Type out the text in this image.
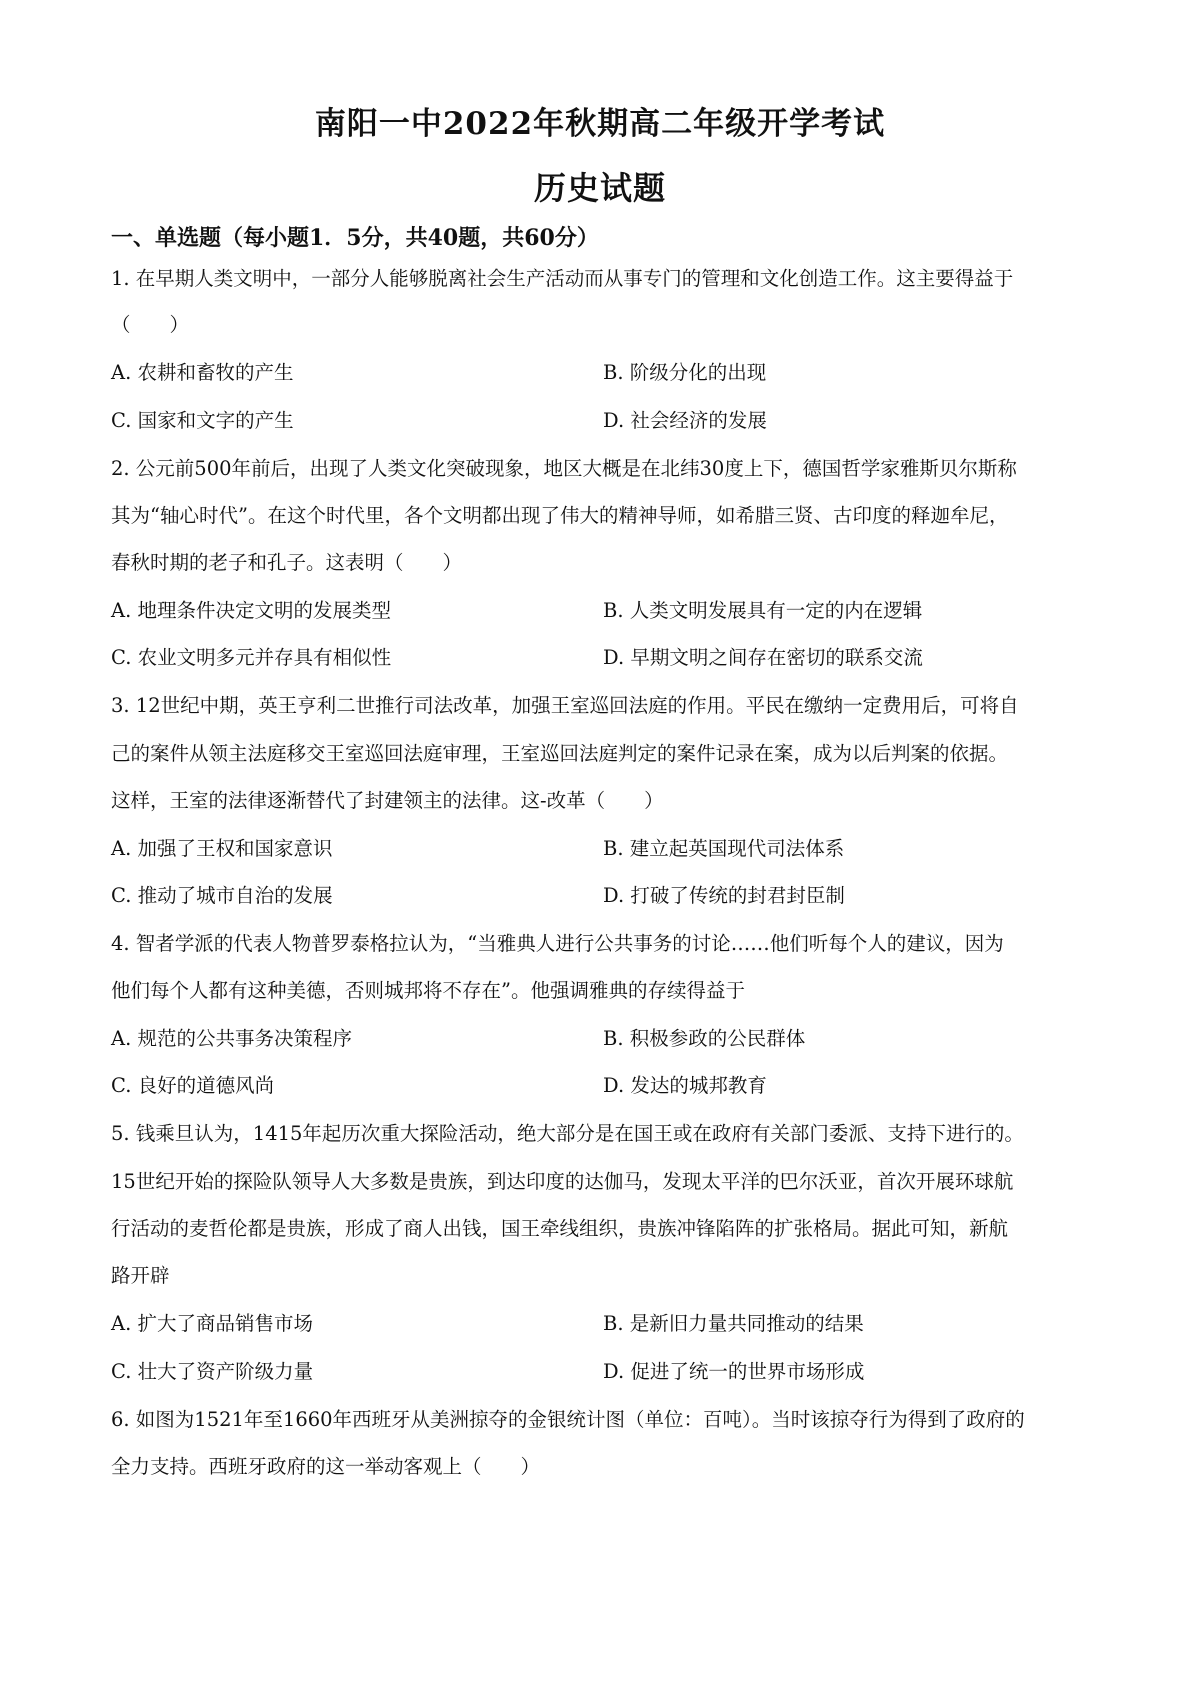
南阳一中2022年秋期高二年级开学考试
历史试题
一、单选题（每小题1．5分，共40题，共60分）
1. 在早期人类文明中，一部分人能够脱离社会生产活动而从事专门的管理和文化创造工作。这主要得益于
（　　）
A. 农耕和畜牧的产生	B. 阶级分化的出现
C. 国家和文字的产生	D. 社会经济的发展
2. 公元前500年前后，出现了人类文化突破现象，地区大概是在北纬30度上下，德国哲学家雅斯贝尔斯称
其为“轴心时代”。在这个时代里，各个文明都出现了伟大的精神导师，如希腊三贤、古印度的释迦牟尼，
春秋时期的老子和孔子。这表明（　　）
A. 地理条件决定文明的发展类型	B. 人类文明发展具有一定的内在逻辑
C. 农业文明多元并存具有相似性	D. 早期文明之间存在密切的联系交流
3. 12世纪中期，英王亨利二世推行司法改革，加强王室巡回法庭的作用。平民在缴纳一定费用后，可将自
己的案件从领主法庭移交王室巡回法庭审理，王室巡回法庭判定的案件记录在案，成为以后判案的依据。
这样，王室的法律逐渐替代了封建领主的法律。这-改革（　　）
A. 加强了王权和国家意识	B. 建立起英国现代司法体系
C. 推动了城市自治的发展	D. 打破了传统的封君封臣制
4. 智者学派的代表人物普罗泰格拉认为，“当雅典人进行公共事务的讨论……他们听每个人的建议，因为
他们每个人都有这种美德，否则城邦将不存在”。他强调雅典的存续得益于
A. 规范的公共事务决策程序	B. 积极参政的公民群体
C. 良好的道德风尚	D. 发达的城邦教育
5. 钱乘旦认为，1415年起历次重大探险活动，绝大部分是在国王或在政府有关部门委派、支持下进行的。
15世纪开始的探险队领导人大多数是贵族，到达印度的达伽马，发现太平洋的巴尔沃亚，首次开展环球航
行活动的麦哲伦都是贵族，形成了商人出钱，国王牵线组织，贵族冲锋陷阵的扩张格局。据此可知，新航
路开辟
A. 扩大了商品销售市场	B. 是新旧力量共同推动的结果
C. 壮大了资产阶级力量	D. 促进了统一的世界市场形成
6. 如图为1521年至1660年西班牙从美洲掠夺的金银统计图（单位：百吨）。当时该掠夺行为得到了政府的
全力支持。西班牙政府的这一举动客观上（　　）
